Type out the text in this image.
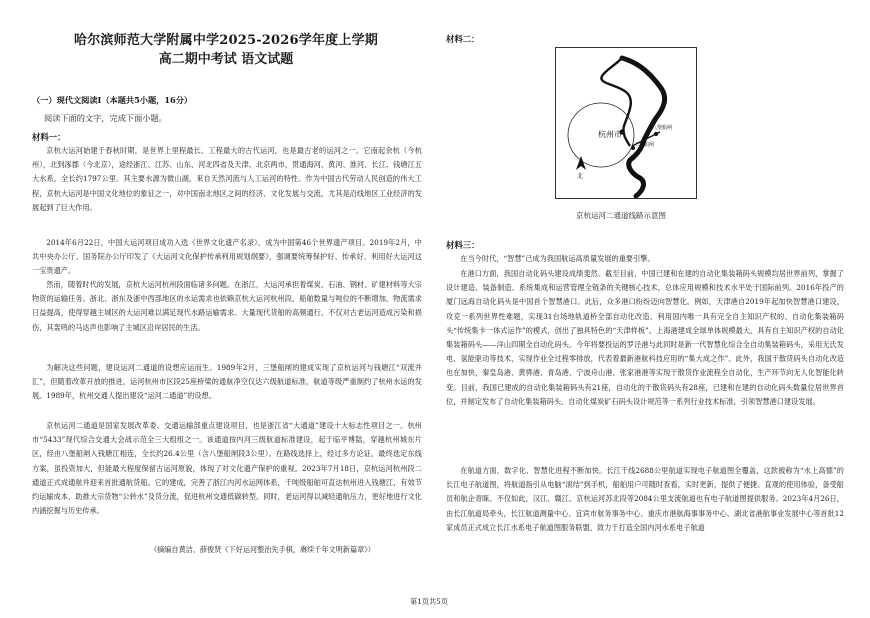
哈尔滨师范大学附属中学2025-2026学年度上学期
高二期中考试 语文试题
（一）现代文阅读Ⅰ（本题共5小题，16分）
阅读下面的文字，完成下面小题。
材料一：
京杭大运河始建于春秋时期，是世界上里程最长、工程最大的古代运河，也是最古老的运河之一。它南起余杭（今杭州），北到涿郡（今北京），途经浙江、江苏、山东、河北四省及天津、北京两市，贯通海河、黄河、淮河、长江、钱塘江五大水系，全长约1797公里。其主要水源为微山湖，來自天然河流与人工运河的特性。作为中国古代劳动人民创造的伟大工程，京杭大运河是中国文化地位的象征之一，对中国南北地区之间的经济、文化发展与交流，尤其是沿线地区工业经济的发展起到了巨大作用。
2014年6月22日，中国大运河项目成功入选《世界文化遗产名录》，成为中国第46个世界遗产项目。2019年2月，中共中央办公厅、国务院办公厅印发了《大运河文化保护传承利用规划纲要》，强调要统筹保护好、传承好、利用好大运河这一宝贵遗产。
然而，随着时代的发展，京杭大运河杭州段面临诸多问题。在浙江，大运河承担着煤炭、石油、钢材、矿建材料等大宗物资的运输任务。浙北、浙东及浙中西部地区的水运需求也依赖京杭大运河杭州段，船舶数量与吨位的不断增加，物流需求日益提高，使得穿越主城区的大运河难以满足现代水路运输需求。大量现代货船的高频通行，不仅对古老运河造成污染和损伤，其轰鸣的马达声也影响了主城区沿岸居民的生活。
为解决这些问题，建设运河二通道的设想应运而生。1989年2月，三堡船闸的建成实现了京杭运河与钱塘江“双流并汇”，但随着改革开放的推进，运河杭州市区段25座桥梁的通航净空仅达六级航道标准，航道等级严重制约了杭州水运的发展。1989年，杭州交通人提出建设“运河二通道”的设想。
京杭运河二通道是国家发展改革委、交通运输部重点建设项目，也是浙江省“大通道”建设十大标志性项目之一。杭州市“5433”现代综合交通大会战示范全三大组组之一。该通道按内河三级航道标准建设，起于临平博陆，穿越杭州城东片区，经由八堡船闸入钱塘江相连，全长约26.4公里（含八堡船闸段3公里）。在路线选择上，经过多方论证，最终选定东线方案，虽投资加大，但能最大程度保留古运河原貌，体现了对文化遗产保护的重视。2023年7月18日，京杭运河杭州段二通道正式成通航并迎来首批通航货船。它的建成，完善了浙江内河水运网体系，千吨级船舶可直达杭州进入钱塘江，有效节约运输成本，助推大宗货物“公转水”及货分流，促进杭州交通低碳转型。同时，老运河得以减轻通航压力，更好地进行文化内涵挖掘与历史传承。
（摘编自黄洁、薛俊贤《下好运河整治先手棋，赓续千年文明新篇章》）
材料二：
杭州市
八堡船闸
三堡船闸
北
京杭运河二通道线路示意图
材料三：
在当今时代，“智慧”已成为我国航运高质量发展的重要引擎。
在港口方面，我国自动化码头建设成绩斐然。截至目前，中国已建和在建的自动化集装箱码头规模均居世界前列，掌握了设计建造、装备制造、系统集成和运营管理全链条的关键核心技术，总体应用规模和技术水平处于国际前列。2016年投产的厦门远海自动化码头是中国首个智慧港口。此后，众多港口纷纷迈向智慧化。例如，天津港自2019年起加快智慧港口建设，攻克一系列世界性难题，实现31台场地轨道桥全部自动化改造、利用国内唯一具有完全自主知识产权的、自动化集装箱码头“传统集卡一体式运作”的模式，创出了独具特色的“天津样板”。上海港建成全球单体规模最大、具有自主知识产权的自动化集装箱码头——洋山四期全自动化码头。今年将要投运的罗泾港与此同时是新一代智慧化综合全自动集装箱码头，采用无氏发电、氢能驱动等技术，实现作业全过程零排放，代表着最新港航科技应用的“集大成之作”。此外，我国干散货码头自动化改造也在加快，秦皇岛港、黄骅港、青岛港、宁波舟山港、张家港港等实现干散货作业流程全自动化，生产环节向无人化智能化转变。目前，我国已建成的自动化集装箱码头有21座，自动化的干散货码头有28座，已建和在建的自动化码头数量位居世界首位，并制定发布了自动化集装箱码头、自动化煤炭矿石码头设计规范等一系列行业技术标准，引领智慧港口建设发展。
在航道方面，数字化、智慧化进程不断加快。长江干线2688公里航道实现电子航道图全覆盖，这款被称为“水上高德”的长江电子航道图，将航道指引从电脑“滚结”到手机，船舶用户可随时查看，实时更新，提供了便捷、直观的使用体验，备受船员和航企青睐。不仅如此，汉江、赣江、京杭运河苏北段等2084公里支流航道也有电子航道图提供服务。2023年4月26日，由长江航道局牵头，长江航道测量中心、宜宾市航务事务中心、重庆市港航海事事务中心、湖北省港航事业发展中心等首批12家成员正式成立长江水系电子航道图服务联盟，致力于打造全国内河水系电子航道
第1页共5页
